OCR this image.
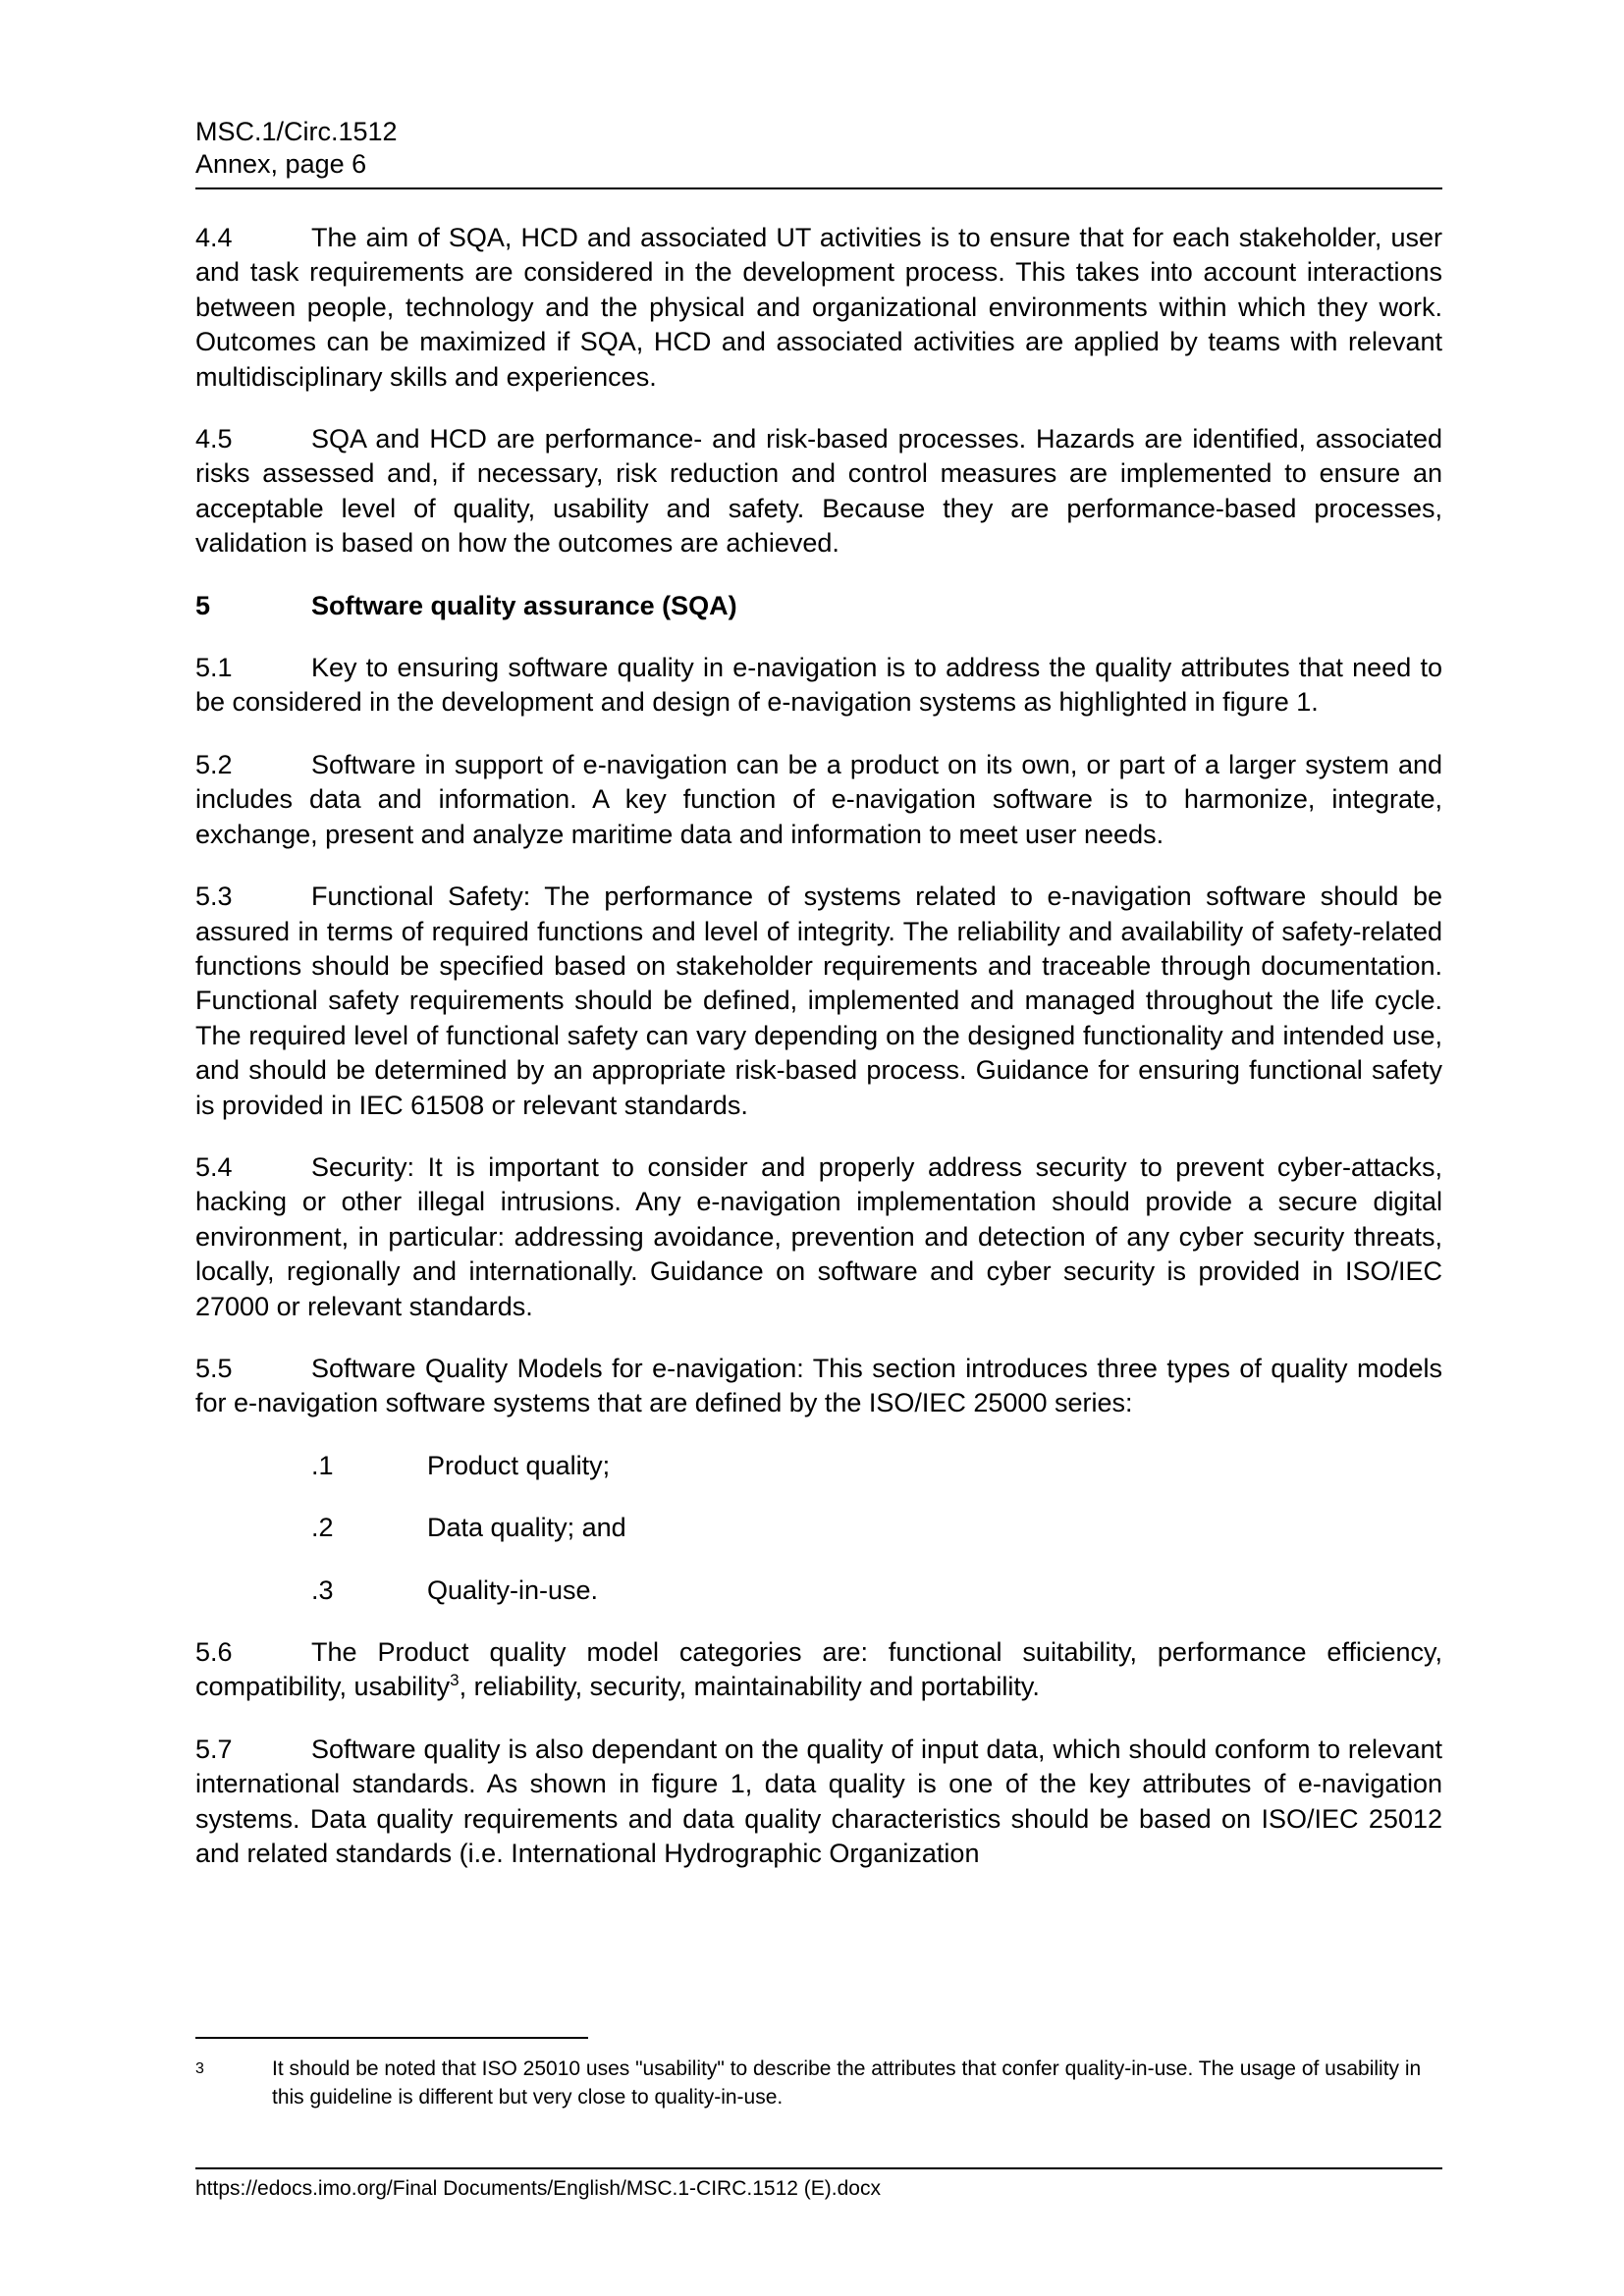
MSC.1/Circ.1512
Annex, page 6

4.4	The aim of SQA, HCD and associated UT activities is to ensure that for each stakeholder, user and task requirements are considered in the development process. This takes into account interactions between people, technology and the physical and organizational environments within which they work. Outcomes can be maximized if SQA, HCD and associated activities are applied by teams with relevant multidisciplinary skills and experiences.

4.5	SQA and HCD are performance- and risk-based processes. Hazards are identified, associated risks assessed and, if necessary, risk reduction and control measures are implemented to ensure an acceptable level of quality, usability and safety. Because they are performance-based processes, validation is based on how the outcomes are achieved.

5	Software quality assurance (SQA)

5.1	Key to ensuring software quality in e-navigation is to address the quality attributes that need to be considered in the development and design of e-navigation systems as highlighted in figure 1.

5.2	Software in support of e-navigation can be a product on its own, or part of a larger system and includes data and information. A key function of e-navigation software is to harmonize, integrate, exchange, present and analyze maritime data and information to meet user needs.

5.3	Functional Safety: The performance of systems related to e-navigation software should be assured in terms of required functions and level of integrity. The reliability and availability of safety-related functions should be specified based on stakeholder requirements and traceable through documentation. Functional safety requirements should be defined, implemented and managed throughout the life cycle. The required level of functional safety can vary depending on the designed functionality and intended use, and should be determined by an appropriate risk-based process. Guidance for ensuring functional safety is provided in IEC 61508 or relevant standards.

5.4	Security: It is important to consider and properly address security to prevent cyber-attacks, hacking or other illegal intrusions. Any e-navigation implementation should provide a secure digital environment, in particular: addressing avoidance, prevention and detection of any cyber security threats, locally, regionally and internationally. Guidance on software and cyber security is provided in ISO/IEC 27000 or relevant standards.

5.5	Software Quality Models for e-navigation: This section introduces three types of quality models for e-navigation software systems that are defined by the ISO/IEC 25000 series:

.1	Product quality;
.2	Data quality; and
.3	Quality-in-use.

5.6	The Product quality model categories are: functional suitability, performance efficiency, compatibility, usability$^3$, reliability, security, maintainability and portability.

5.7	Software quality is also dependant on the quality of input data, which should conform to relevant international standards. As shown in figure 1, data quality is one of the key attributes of e-navigation systems. Data quality requirements and data quality characteristics should be based on ISO/IEC 25012 and related standards (i.e. International Hydrographic Organization

3	It should be noted that ISO 25010 uses "usability" to describe the attributes that confer quality-in-use. The usage of usability in this guideline is different but very close to quality-in-use.
https://edocs.imo.org/Final Documents/English/MSC.1-CIRC.1512 (E).docx
